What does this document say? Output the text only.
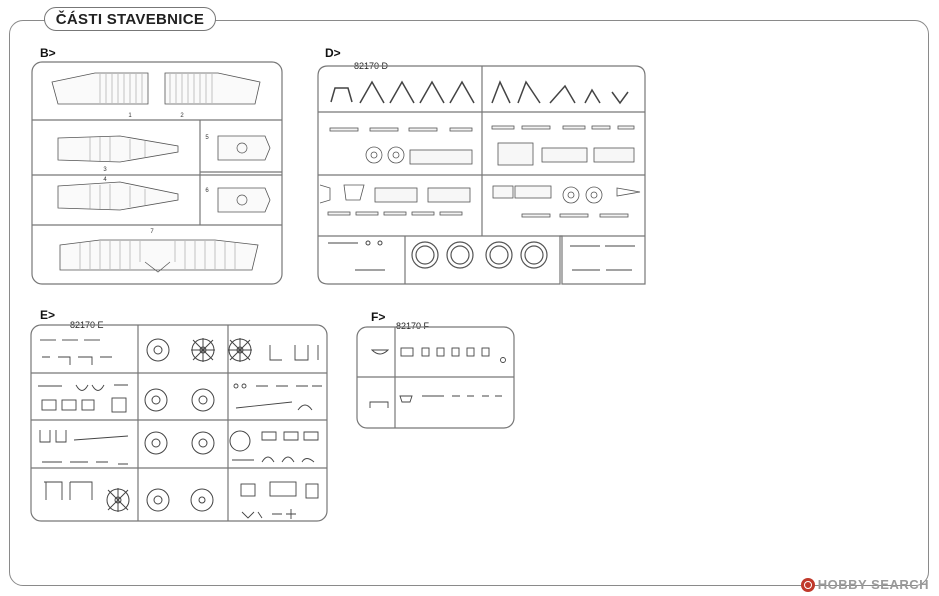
ČÁSTI STAVEBNICE
B>
1	2
3
4
5
6
7
D>
82170 D
E>
82170 E
F>
82170 F
HOBBY SEARCH
